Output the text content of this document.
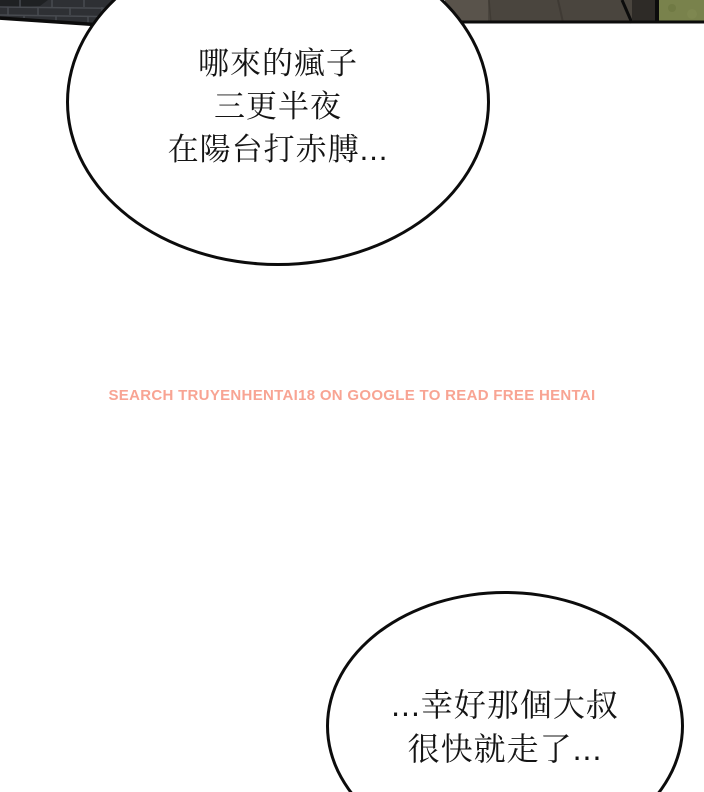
哪來的瘋子
三更半夜
在陽台打赤膊...
SEARCH TRUYENHENTAI18 ON GOOGLE TO READ FREE HENTAI
...幸好那個大叔
很快就走了...
